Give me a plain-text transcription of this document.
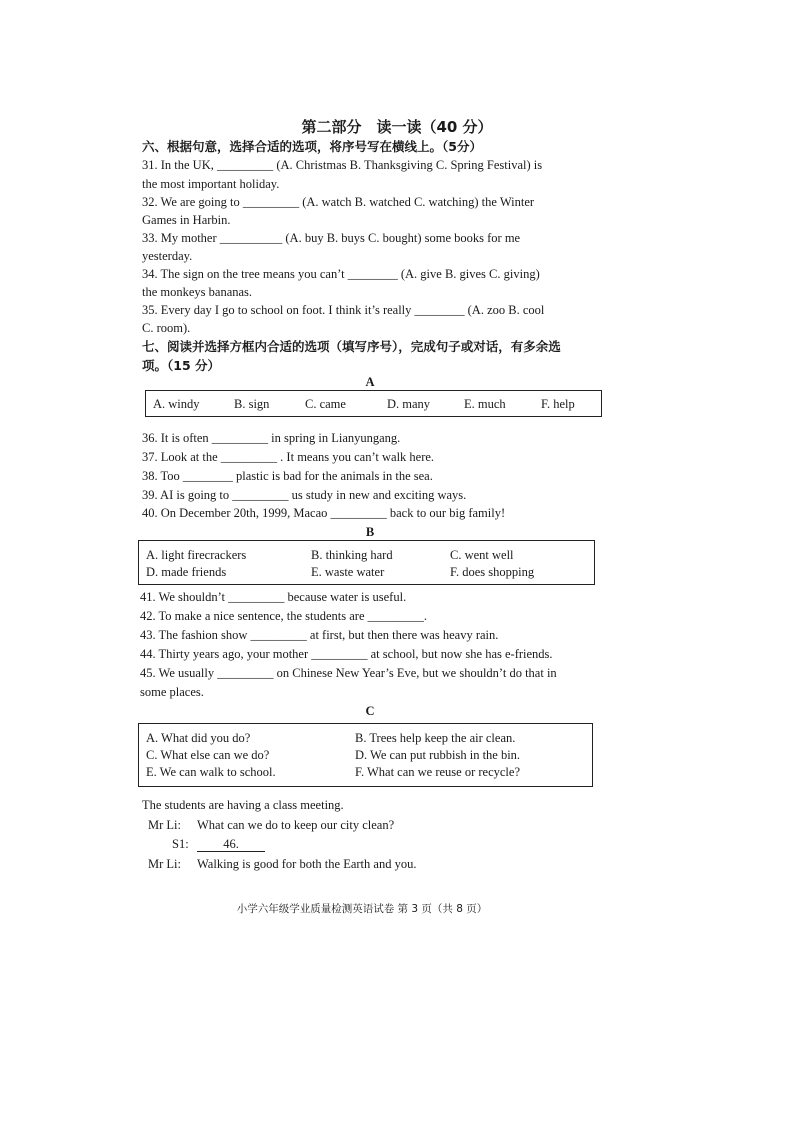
第二部分　读一读（40 分）
六、根据句意，选择合适的选项，将序号写在横线上。（5分）
31. In the UK, _________ (A. Christmas B. Thanksgiving C. Spring Festival) is
the most important holiday.
32. We are going to _________ (A. watch B. watched C. watching) the Winter
Games in Harbin.
33. My mother __________ (A. buy B. buys C. bought) some books for me
yesterday.
34. The sign on the tree means you can’t ________ (A. give B. gives C. giving)
the monkeys bananas.
35. Every day I go to school on foot. I think it’s really ________ (A. zoo B. cool
C. room).
七、阅读并选择方框内合适的选项（填写序号），完成句子或对话，有多余选
项。（15 分）
A
A. windy	B. sign	C. came	D. many	E. much	F. help
36. It is often _________ in spring in Lianyungang.
37. Look at the _________ . It means you can’t walk here.
38. Too ________ plastic is bad for the animals in the sea.
39. AI is going to _________ us study in new and exciting ways.
40. On December 20th, 1999, Macao _________ back to our big family!
B
A. light firecrackers	B. thinking hard	C. went well
D. made friends	E. waste water	F. does shopping
41. We shouldn’t _________ because water is useful.
42. To make a nice sentence, the students are _________.
43. The fashion show _________ at first, but then there was heavy rain.
44. Thirty years ago, your mother _________ at school, but now she has e-friends.
45. We usually _________ on Chinese New Year’s Eve, but we shouldn’t do that in
some places.
C
A. What did you do?	B. Trees help keep the air clean.
C. What else can we do?	D. We can put rubbish in the bin.
E. We can walk to school.	F. What can we reuse or recycle?
The students are having a class meeting.
Mr Li: What can we do to keep our city clean?
S1:	46.
Mr Li: Walking is good for both the Earth and you.
小学六年级学业质量检测英语试卷 第 3 页（共 8 页）
